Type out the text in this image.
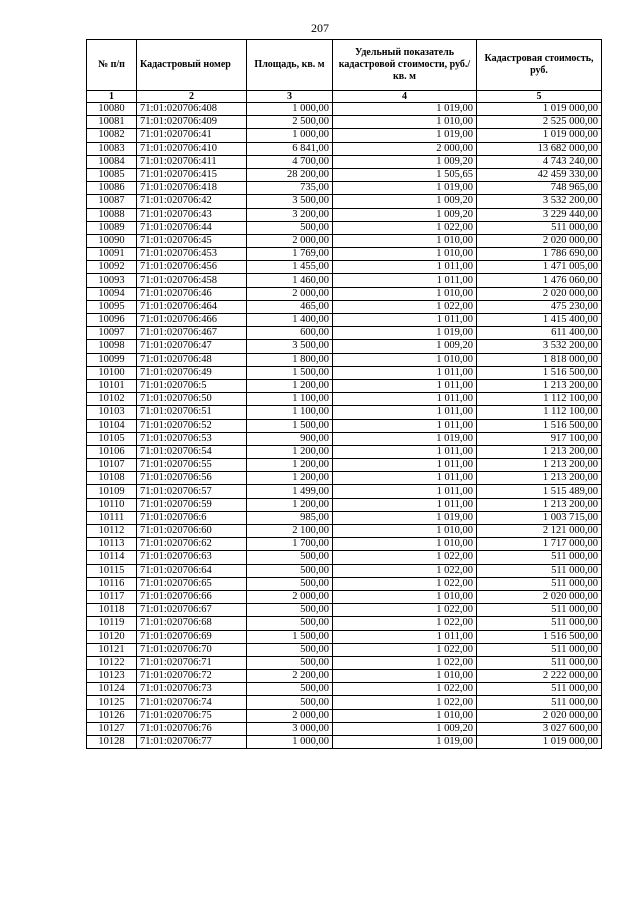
207
№ п/п	Кадастровый номер	Площадь, кв. м	Удельный показатель кадастровой стоимости, руб./кв. м	Кадастровая стоимость, руб.
1	2	3	4	5
10080	71:01:020706:408	1 000,00	1 019,00	1 019 000,00
10081	71:01:020706:409	2 500,00	1 010,00	2 525 000,00
10082	71:01:020706:41	1 000,00	1 019,00	1 019 000,00
10083	71:01:020706:410	6 841,00	2 000,00	13 682 000,00
10084	71:01:020706:411	4 700,00	1 009,20	4 743 240,00
10085	71:01:020706:415	28 200,00	1 505,65	42 459 330,00
10086	71:01:020706:418	735,00	1 019,00	748 965,00
10087	71:01:020706:42	3 500,00	1 009,20	3 532 200,00
10088	71:01:020706:43	3 200,00	1 009,20	3 229 440,00
10089	71:01:020706:44	500,00	1 022,00	511 000,00
10090	71:01:020706:45	2 000,00	1 010,00	2 020 000,00
10091	71:01:020706:453	1 769,00	1 010,00	1 786 690,00
10092	71:01:020706:456	1 455,00	1 011,00	1 471 005,00
10093	71:01:020706:458	1 460,00	1 011,00	1 476 060,00
10094	71:01:020706:46	2 000,00	1 010,00	2 020 000,00
10095	71:01:020706:464	465,00	1 022,00	475 230,00
10096	71:01:020706:466	1 400,00	1 011,00	1 415 400,00
10097	71:01:020706:467	600,00	1 019,00	611 400,00
10098	71:01:020706:47	3 500,00	1 009,20	3 532 200,00
10099	71:01:020706:48	1 800,00	1 010,00	1 818 000,00
10100	71:01:020706:49	1 500,00	1 011,00	1 516 500,00
10101	71:01:020706:5	1 200,00	1 011,00	1 213 200,00
10102	71:01:020706:50	1 100,00	1 011,00	1 112 100,00
10103	71:01:020706:51	1 100,00	1 011,00	1 112 100,00
10104	71:01:020706:52	1 500,00	1 011,00	1 516 500,00
10105	71:01:020706:53	900,00	1 019,00	917 100,00
10106	71:01:020706:54	1 200,00	1 011,00	1 213 200,00
10107	71:01:020706:55	1 200,00	1 011,00	1 213 200,00
10108	71:01:020706:56	1 200,00	1 011,00	1 213 200,00
10109	71:01:020706:57	1 499,00	1 011,00	1 515 489,00
10110	71:01:020706:59	1 200,00	1 011,00	1 213 200,00
10111	71:01:020706:6	985,00	1 019,00	1 003 715,00
10112	71:01:020706:60	2 100,00	1 010,00	2 121 000,00
10113	71:01:020706:62	1 700,00	1 010,00	1 717 000,00
10114	71:01:020706:63	500,00	1 022,00	511 000,00
10115	71:01:020706:64	500,00	1 022,00	511 000,00
10116	71:01:020706:65	500,00	1 022,00	511 000,00
10117	71:01:020706:66	2 000,00	1 010,00	2 020 000,00
10118	71:01:020706:67	500,00	1 022,00	511 000,00
10119	71:01:020706:68	500,00	1 022,00	511 000,00
10120	71:01:020706:69	1 500,00	1 011,00	1 516 500,00
10121	71:01:020706:70	500,00	1 022,00	511 000,00
10122	71:01:020706:71	500,00	1 022,00	511 000,00
10123	71:01:020706:72	2 200,00	1 010,00	2 222 000,00
10124	71:01:020706:73	500,00	1 022,00	511 000,00
10125	71:01:020706:74	500,00	1 022,00	511 000,00
10126	71:01:020706:75	2 000,00	1 010,00	2 020 000,00
10127	71:01:020706:76	3 000,00	1 009,20	3 027 600,00
10128	71:01:020706:77	1 000,00	1 019,00	1 019 000,00
